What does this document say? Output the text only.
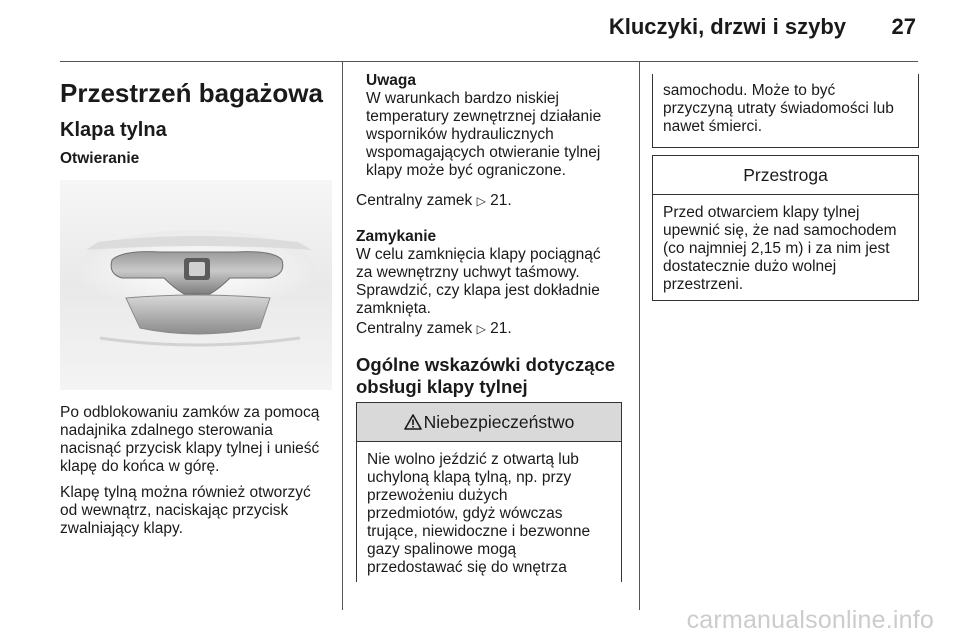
Kluczyki, drzwi i szyby	27
Przestrzeń bagażowa
Klapa tylna
Otwieranie

Po odblokowaniu zamków za pomocą
nadajnika zdalnego sterowania
nacisnąć przycisk klapy tylnej i unieść
klapę do końca w górę.

Klapę tylną można również otworzyć
od wewnątrz, naciskając przycisk
zwalniający klapy.

Uwaga
W warunkach bardzo niskiej
temperatury zewnętrznej działanie
wsporników hydraulicznych
wspomagających otwieranie tylnej
klapy może być ograniczone.

Centralny zamek ▷ 21.

Zamykanie
W celu zamknięcia klapy pociągnąć
za wewnętrzny uchwyt taśmowy.
Sprawdzić, czy klapa jest dokładnie
zamknięta.

Centralny zamek ▷ 21.

Ogólne wskazówki dotyczące
obsługi klapy tylnej
Niebezpieczeństwo
Nie wolno jeździć z otwartą lub
uchyloną klapą tylną, np. przy
przewożeniu dużych
przedmiotów, gdyż wówczas
trujące, niewidoczne i bezwonne
gazy spalinowe mogą
przedostawać się do wnętrza
samochodu. Może to być
przyczyną utraty świadomości lub
nawet śmierci.
Przestroga
Przed otwarciem klapy tylnej
upewnić się, że nad samochodem
(co najmniej 2,15 m) i za nim jest
dostatecznie dużo wolnej
przestrzeni.
carmanualsonline.info
